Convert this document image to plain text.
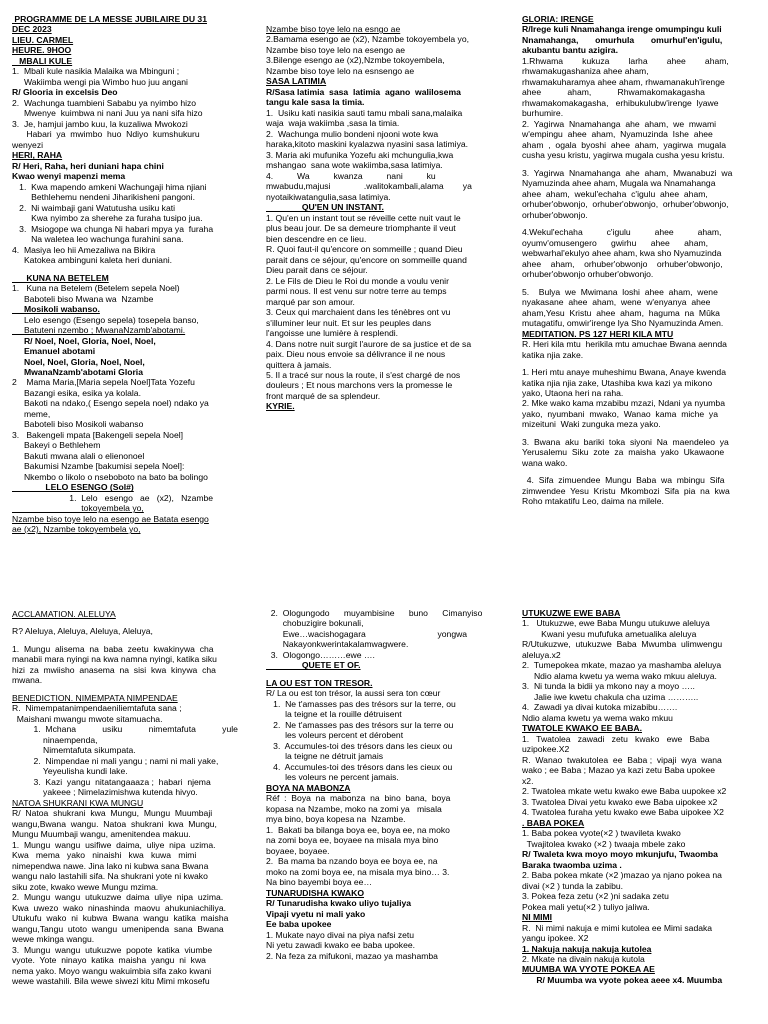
PROGRAMME DE LA MESSE JUBILAIRE DU 31
DEC 2023
LIEU. CARMEL
HEURE. 9HOO
MBALI KULE
1.  Mbali kule nasikia Malaika wa Mbinguni ;
Wakiimba wengi pia Wimbo huo juu angani
R/ Glooria in excelsis Deo
2.  Wachunga tuambieni Sababu ya nyimbo hizo
Mwenye  kuimbwa ni nani Juu ya nani sifa hizo
3.  Je, hamjui jambo kuu, la kuzaliwa Mwokozi
Habari  ya  mwimbo  huo  Ndiyo  kumshukuru
wenyezi
HERI, RAHA
R/ Heri, Raha, heri duniani hapa chini
Kwao wenyi mapenzi mema
1.  Kwa mapendo amkeni Wachungaji hima njiani
Bethlehemu nendeni Jiharikisheni pangoni.
2.  Ni waimbaji gani Watutusha usiku kati
Kwa nyimbo za sherehe za furaha tusipo jua.
3.  Msiogope wa chunga Ni habari mpya ya  furaha
Na waletea leo wachunga furahini sana.
4.  Masiya leo hii Amezaliwa na Bikira
Katokea ambinguni kaleta heri duniani.
KUNA NA BETELEM
1.   Kuna na Betelem (Betelem sepela Noel)
Baboteli biso Mwana wa  Nzambe
Mosikoli wabanso.
Lelo esengo (Esengo sepela) tosepela banso,
Batuteni nzembo ; MwanaNzamb'abotami.
R/ Noel, Noel, Gloria, Noel, Noel,
Emanuel abotami
Noel, Noel, Gloria, Noel, Noel,
MwanaNzamb'abotami Gloria
2    Mama Maria,[Maria sepela Noel]Tata Yozefu
Bazangi esika, esika ya kolala.
Bakoti na ndako,( Esengo sepela noel) ndako ya
meme,
Baboteli biso Mosikoli wabanso
3.   Bakengeli mpata [Bakengeli sepela Noel]
Bakeyi o Bethlehem
Bakuti mwana alali o elienonoel
Bakumisi Nzambe [bakumisi sepela Noel]:
Nkembo o likolo o nseboboto na bato ba bolingo
LELO ESENGO (Sol#)
1.  Lelo   esengo   ae   (x2),   Nzambe
tokoyembela yo,
Nzambe biso toye lelo na esengo ae Batata esengo
ae (x2), Nzambe tokoyembela yo,
Nzambe biso toye lelo na esngo ae
2.Bamama esengo ae (x2), Nzambe tokoyembela yo,
Nzambe biso toye lelo na esengo ae
3.Bilenge esengo ae (x2),Nzmbe tokoyembela,
Nzambe biso toye lelo na esnsengo ae
SASA LATIMIA
R/Sasa latimia  sasa  latimia  agano  walilosema
tangu kale sasa la timia.
1.  Usiku kati nasikia sauti tamu mbali sana,malaika
waja  waja wakiimba ,sasa la timia.
2.  Wachunga mulio bondeni njooni wote kwa
haraka,kitoto maskini kyalazwa nyasini sasa latimiya.
3. Maria aki mufunika Yozefu aki mchungulia,kwa
mshangao  sana wote wakiimba,sasa latimiya.
4.          Wa          kwanza          nani          ku
mwabudu,majusi              .walitokambali,alama        ya
nyotaikiwatangulia,sasa latimiya.
QU'EN UN INSTANT.
1. Qu'en un instant tout se réveille cette nuit vaut le
plus beau jour. De sa demeure triomphante il veut
bien descendre en ce lieu.
R. Quoi faut-il qu'encore on sommeille ; quand Dieu
parait dans ce séjour, qu'encore on sommeille quand
Dieu parait dans ce séjour.
2. Le Fils de Dieu le Roi du monde a voulu venir
parmi nous. Il est venu sur notre terre au temps
marqué par son amour.
3. Ceux qui marchaient dans les ténèbres ont vu
s'illuminer leur nuit. Et sur les peuples dans
l'angoisse une lumière à resplendi.
4. Dans notre nuit surgit l'aurore de sa justice et de sa
paix. Dieu nous envoie sa délivrance il ne nous
quittera à jamais.
5. Il a tracé sur nous la route, il s'est chargé de nos
douleurs ; Et nous marchons vers la promesse le
front marqué de sa splendeur.
KYRIE.
GLORIA: IRENGE
R/Irege kuli Nnamahanga irenge omumpingu kuli
Nnamahanga,       omurhula       omurhul'en'igulu,
akubantu bantu azigira.
1.Rhwama        kukuza        larha        ahee        aham,
rhwamakugashaniza ahee aham,
rhwamakuharamya ahee aham, rhwamanakuh'irenge
ahee           aham,           Rhwamakomakagasha
rhwamakomakagasha,   erhibukulubw'irenge  lyawe
burhumire.
2.  Yagirwa  Nnamahanga  ahe  aham,  we  mwami
w'empingu  ahee  aham,  Nyamuzinda  Ishe  ahee
aham  ,  ogala  byoshi  ahee  aham,  yagirwa  mugala
cusha yesu kristu, yagirwa mugala cusha yesu kristu.
3.  Yagirwa  Nnamahanga  ahe  aham,  Mwanabuzi  wa
Nyamuzinda ahee aham, Mugala wa Nnamahanga
ahee  aham,  wekul'echaha  c'igulu  ahee  aham,
orhuber'obwonjo,  orhuber'obwonjo,  orhuber'obwonjo,
orhuber'obwonjo.
4.Wekul'echaha          c'igulu          ahee          aham,
oyumv'omusengero      gwirhu      ahee      aham,
webwarhal'ekulyo ahee aham, kwa sho Nyamuzinda
ahee    aham,    orhuber'obwonjo    orhuber'obwonjo,
orhuber'obwonjo orhuber'obwonjo.
5.    Bulya  we  Mwimana  loshi  ahee  aham,  wene
nyakasane  ahee  aham,  wene  w'enyanya  ahee
aham,Yesu  Kristu  ahee  aham,  haguma  na  Mûka
mutagatifu, omwir'irenge lya Sho Nyamuzinda Amen.
MEDITATION. PS 127 HERI KILA MTU
R. Heri kila mtu  herikila mtu amuchae Bwana aennda
katika njia zake.
1. Heri mtu anaye muheshimu Bwana, Anaye kwenda
katika njia njia zake, Utashiba kwa kazi ya mikono
yako, Utaona heri na raha.
2. Mke wako kama mzabibu mzazi, Ndani ya nyumba
yako,  nyumbani  mwako,  Wanao  kama  miche  ya
mizeituni  Waki zunguka meza yako.
3.  Bwana  aku  bariki  toka  siyoni  Na  maendeleo  ya
Yerusalemu  Siku  zote  za  maisha  yako  Ukawaone
wana wako.
4.  Sifa  zimuendee  Mungu  Baba  wa  mbingu  Sifa
zimwendee  Yesu  Kristu  Mkombozi  Sifa  pia  na  kwa
Roho mtakatifu Leo, daima na milele.
ACCLAMATION. ALELUYA
R? Aleluya, Aleluya, Aleluya, Aleluya,
1.  Mungu  alisema  na  baba  zeetu  kwakinywa  cha
manabii mara nyingi na kwa namna nyingi, katika siku
hizi  za  mwiisho  anasema  na  sisi  kwa  kinywa  cha
mwana.
BENEDICTION. NIMEMPATA NIMPENDAE
R.  Nimempatanimpendaeniliemtafuta sana ;
Maishani mwangu mwote sitamuacha.
1.  Mchana           usiku           nimemtafuta           yule
ninaempenda,
Nimemtafuta sikumpata.
2.  Nimpendae ni mali yangu ; nami ni mali yake,
Yeyeulisha kundi lake.
3.  Kazi  yangu  nitatangaaaza ;  habari  njema
yakeee ; Nimelazimishwa kutenda hivyo.
NATOA SHUKRANI KWA MUNGU
R/  Natoa  shukrani  kwa  Mungu,  Mungu  Muumbaji
wangu,Bwana  wangu.  Natoa  shukrani  kwa  Mungu,
Mungu Muumbaji wangu, amenitendea makuu.
1.  Mungu  wangu  usifiwe  daima,  uliye  nipa  uzima.
Kwa   mema   yako   ninaishi   kwa   kuwa   mimi
nimependwa nawe. Jina lako ni kubwa sana Bwana
wangu nalo lastahili sifa. Na shukrani yote ni kwako
siku zote, kwako wewe Mungu mzima.
2.  Mungu  wangu  utukuzwe  daima  uliye  nipa  uzima.
Kwa  uwezo  wako  ninashinda  maovu  ahukuniachiliya.
Utukufu  wako  ni  kubwa  Bwana  wangu  katika  maisha
wangu,Tangu  utoto  wangu  umenipenda  sana  Bwana
wewe mkinga wangu.
3.  Mungu  wangu  utukuzwe  popote  katika  viumbe
vyote.  Yote  ninayo  katika  maisha  yangu  ni  kwa
nema yako. Moyo wangu wakuimbia sifa zako kwani
wewe wastahili. Bila wewe siwezi kitu Mimi mkosefu
2.  Ologungodo      muyambisine      buno      Cimanyiso
chobuzigire bokunali,
Ewe…wacishogagara                              yongwa
Nakayonkwerintakalamwagwere.
3.  Ologongo………ewe ….
QUETE ET OF.
LA OU EST TON TRESOR.
R/ La ou est ton trésor, la aussi sera ton cœur
1.  Ne t'amasses pas des trésors sur la terre, ou
la teigne et la rouille détruisent
2.  Ne t'amasses pas des trésors sur la terre ou
les voleurs percent et dérobent
3.  Accumules-toi des trésors dans les cieux ou
la teigne ne détruit jamais
4.  Accumules-toi des trésors dans les cieux ou
les voleurs ne percent jamais.
BOYA NA MABONZA
Réf  :  Boya  na  mabonza  na  bino  bana,  boya
kopasa na Nzambe, moko na zomi ya   misala
mya bino, boya kopesa na  Nzambe.
1.  Bakati ba bilanga boya ee, boya ee, na moko
na zomi boya ee, boyaee na misala mya bino
boyaee, boyaee.
2.  Ba mama ba nzando boya ee boya ee, na
moko na zomi boya ee, na misala mya bino… 3.
Na bino bayembi boya ee…
TUNARUDISHA KWAKO
R/ Tunarudisha kwako uliyo tujaliya
Vipaji vyetu ni mali yako
Ee baba upokee
1. Mukate nayo divai na piya nafsi zetu
Ni yetu zawadi kwako ee baba upokee.
2. Na feza za mifukoni, mazao ya mashamba
UTUKUZWE EWE BABA
1.   Utukuzwe, ewe Baba Mungu utukuwe aleluya
Kwani yesu mufufuka ametualika aleluya
R/Utukuzwe,  utukuzwe  Baba  Mwumba  ulimwengu
aleluya.x2
2.  Tumepokea mkate, mazao ya mashamba aleluya
Ndio alama kwetu ya wema wako mkuu aleluya.
3.  Ni tunda la bidii ya mkono nay a moyo …..
Jalie iwe kwetu chakula cha uzima ………..
4.  Zawadi ya divai kutoka mizabibu…….
Ndio alama kwetu ya wema wako mkuu
TWATOLE KWAKO EE BABA.
1.   Twatolea   zawadi   zetu   kwako   ewe   Baba
uzipokee.X2
R.  Wanao  twakutolea  ee  Baba ;  vipaji  wya  wana
wako ; ee Baba ; Mazao ya kazi zetu Baba upokee
x2.
2. Twatolea mkate wetu kwako ewe Baba uupokee x2
3. Twatolea Divai yetu kwako ewe Baba uipokee x2
4. Twatolea furaha yetu kwako ewe Baba uipokee X2
. BABA POKEA
1. Baba pokea vyote(×2 ) twavileta kwako
Twajitolea kwako (×2 ) twaaja mbele zako
R/ Twaleta kwa moyo moyo mkunjufu, Twaomba
Baraka twaomba uzima .
2. Baba pokea mkate (×2 )mazao ya njano pokea na
divai (×2 ) tunda la zabibu.
3. Pokea feza zetu (×2 )ni sadaka zetu
Pokea mali yetu(×2 ) tuliyo jaliwa.
NI MIMI
R.  Ni mimi nakuja e mimi kutolea ee Mimi sadaka
yangu ipokee. X2
1. Nakuja nakuja nakuja kutolea
2. Mkate na divain nakuja kutola
MUUMBA WA VYOTE POKEA AE
R/ Muumba wa vyote pokea aeee x4. Muumba
